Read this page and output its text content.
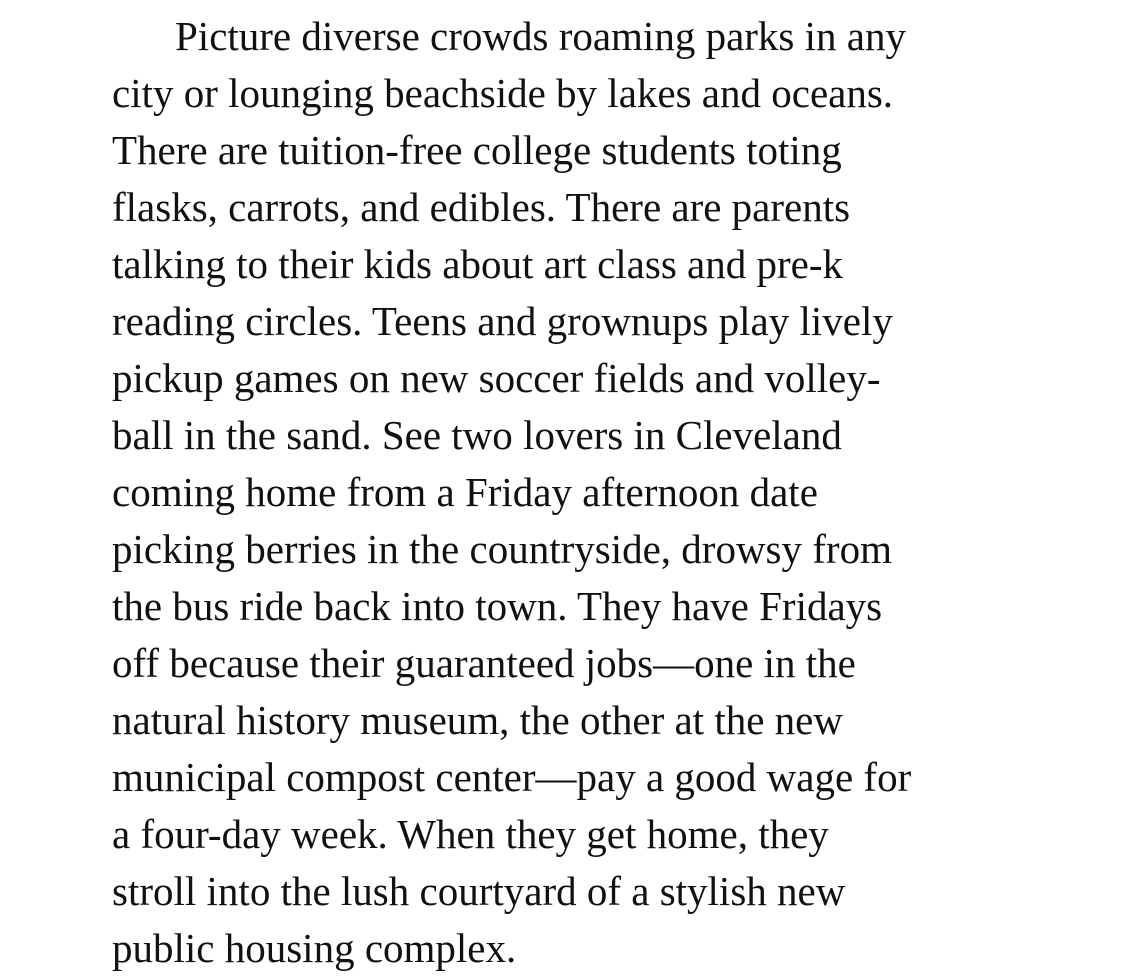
Picture diverse crowds roaming parks in any
city or lounging beachside by lakes and oceans.
There are tuition-free college students toting
flasks, carrots, and edibles. There are parents
talking to their kids about art class and pre-k
reading circles. Teens and grownups play lively
pickup games on new soccer fields and volley-
ball in the sand. See two lovers in Cleveland
coming home from a Friday afternoon date
picking berries in the countryside, drowsy from
the bus ride back into town. They have Fridays
off because their guaranteed jobs—one in the
natural history museum, the other at the new
municipal compost center—pay a good wage for
a four-day week. When they get home, they
stroll into the lush courtyard of a stylish new
public housing complex.
